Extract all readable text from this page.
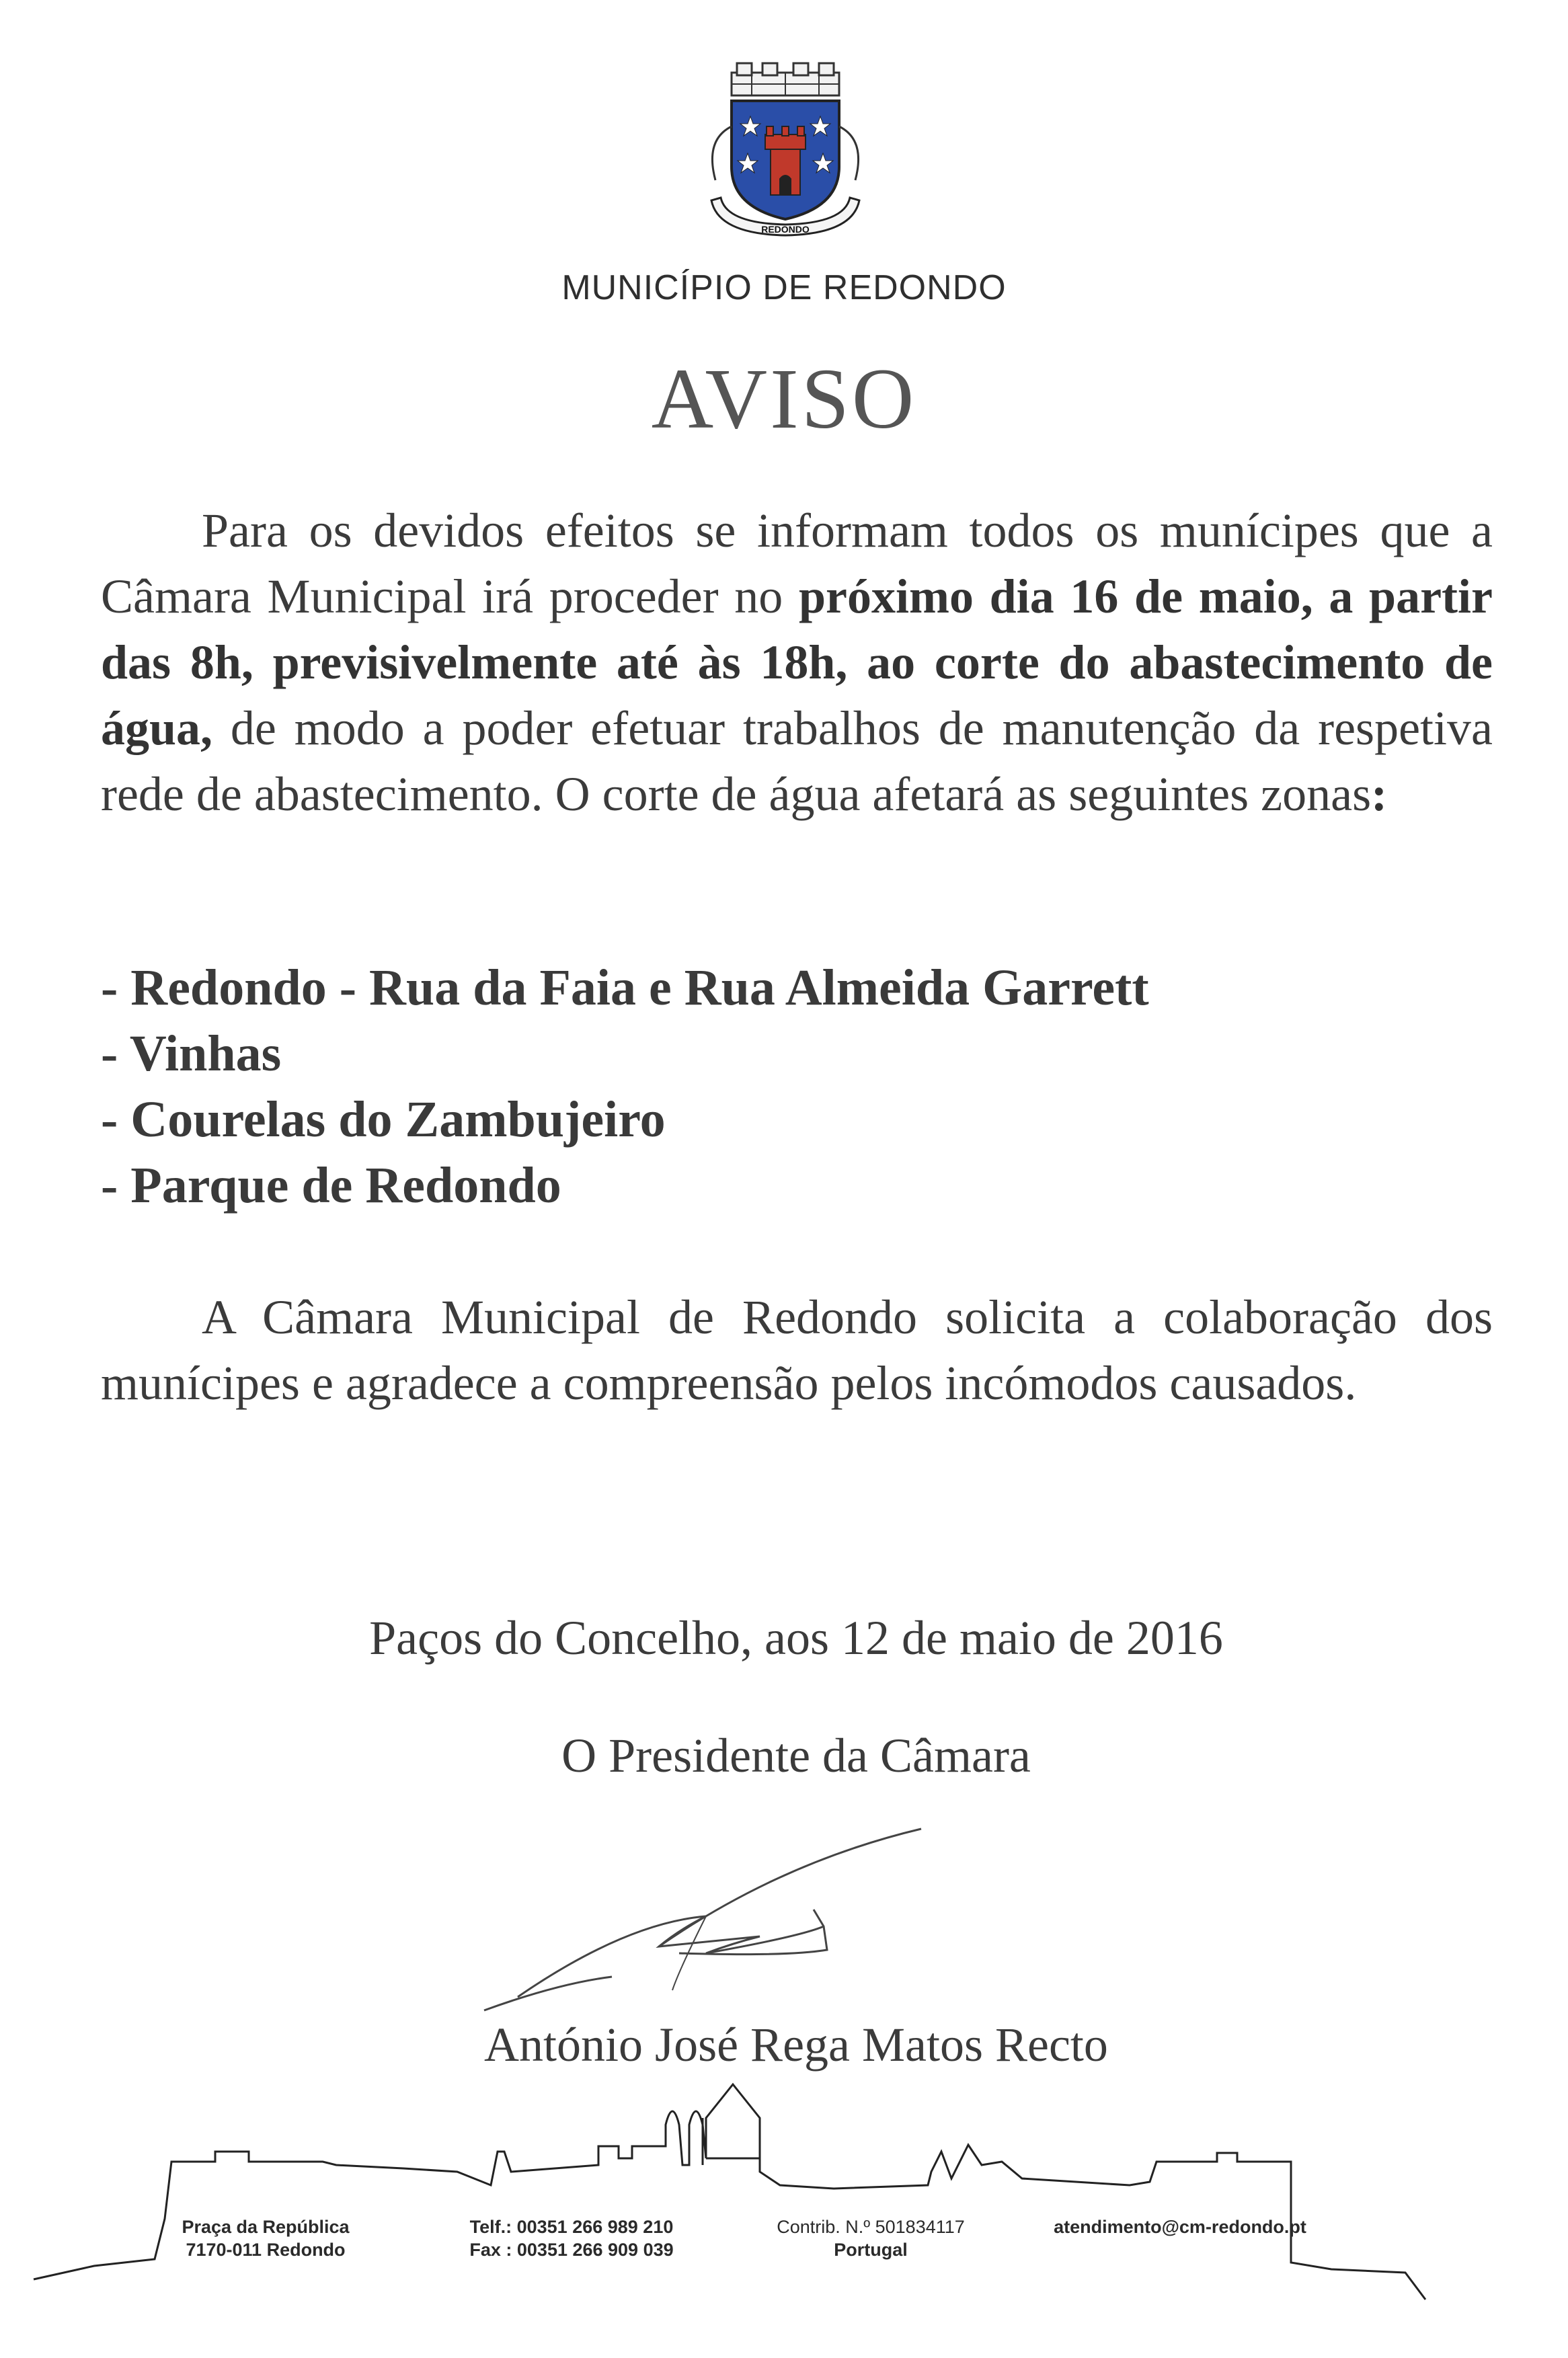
REDONDO
MUNICÍPIO DE REDONDO
AVISO
Para os devidos efeitos se informam todos os munícipes que a Câmara Municipal irá proceder no próximo dia 16 de maio, a partir das 8h, previsivelmente até às 18h, ao corte do abastecimento de água, de modo a poder efetuar trabalhos de manutenção da respetiva rede de abastecimento. O corte de água afetará as seguintes zonas:
- Redondo - Rua da Faia e Rua Almeida Garrett
- Vinhas
- Courelas do Zambujeiro
- Parque de Redondo
A Câmara Municipal de Redondo solicita a colaboração dos munícipes e agradece a compreensão pelos incómodos causados.
Paços do Concelho, aos 12 de maio de 2016
O Presidente da Câmara
António José Rega Matos Recto
Praça da República
7170-011 Redondo
Telf.: 00351 266 989 210
Fax : 00351 266 909 039
Contrib. N.º 501834117
Portugal
atendimento@cm-redondo.pt
